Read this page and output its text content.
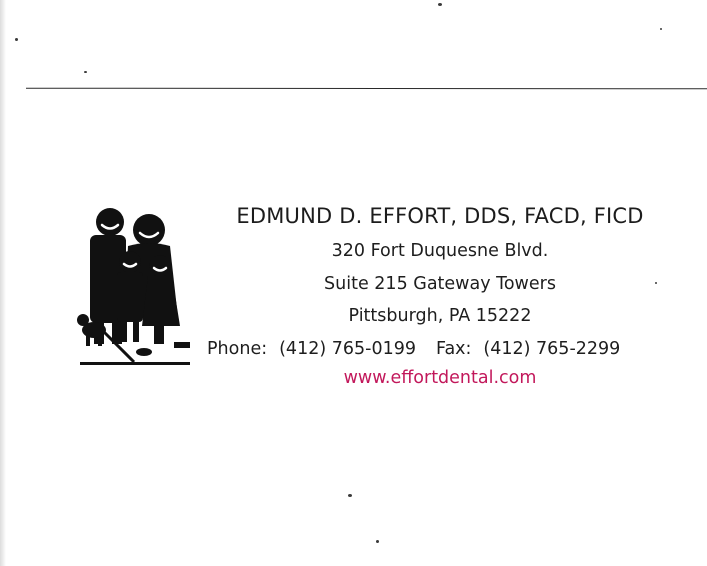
EDMUND D. EFFORT, DDS, FACD, FICD
320 Fort Duquesne Blvd.
Suite 215 Gateway Towers
Pittsburgh, PA 15222
Phone: (412) 765-0199 Fax: (412) 765-2299
www.effortdental.com
